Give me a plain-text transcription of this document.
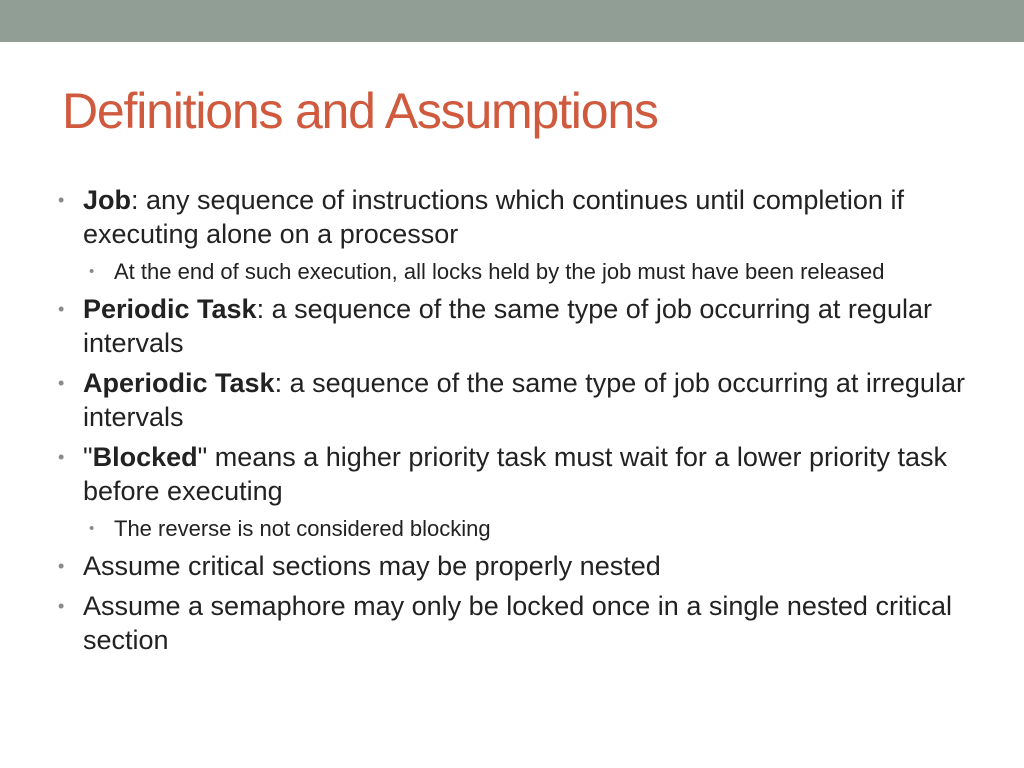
Definitions and Assumptions
• Job: any sequence of instructions which continues until completion if executing alone on a processor
• At the end of such execution, all locks held by the job must have been released
• Periodic Task: a sequence of the same type of job occurring at regular intervals
• Aperiodic Task: a sequence of the same type of job occurring at irregular intervals
• "Blocked" means a higher priority task must wait for a lower priority task before executing
• The reverse is not considered blocking
• Assume critical sections may be properly nested
• Assume a semaphore may only be locked once in a single nested critical section
